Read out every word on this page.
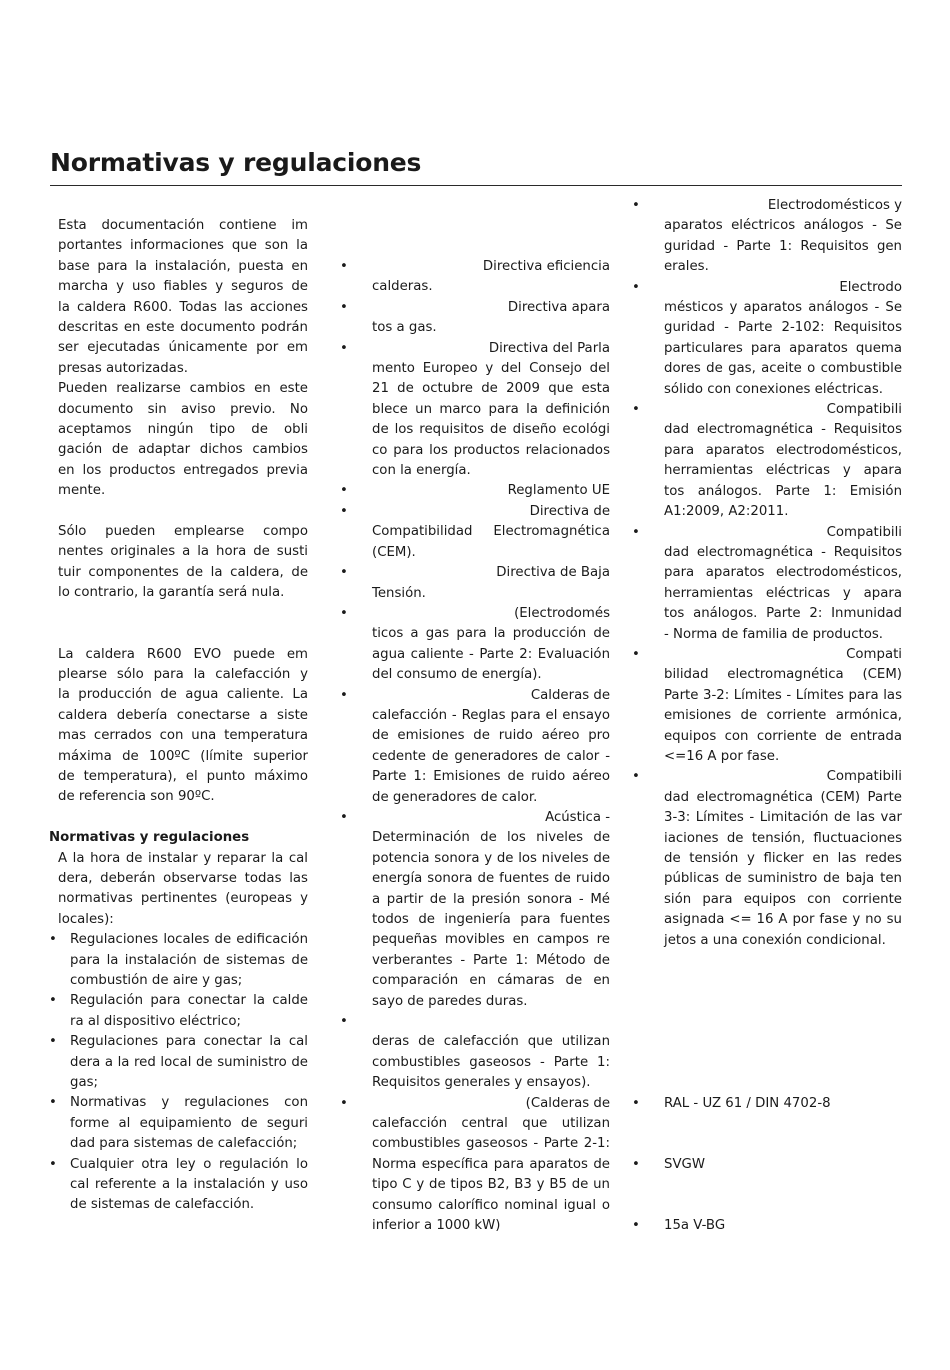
Normativas y regulaciones

Esta documentación contiene im

portantes informaciones que son la

base para la instalación, puesta en

marcha y uso fiables y seguros de

la caldera R600. Todas las acciones

descritas en este documento podrán

ser ejecutadas únicamente por em

presas autorizadas.

Pueden realizarse cambios en este

documento sin aviso previo. No

aceptamos ningún tipo de obli

gación de adaptar dichos cambios

en los productos entregados previa

mente.

Sólo pueden emplearse compo

nentes originales a la hora de susti

tuir componentes de la caldera, de

lo contrario, la garantía será nula.

La caldera R600 EVO puede em

plearse sólo para la calefacción y

la producción de agua caliente. La

caldera debería conectarse a siste

mas cerrados con una temperatura

máxima de 100ºC (límite superior

de temperatura), el punto máximo

de referencia son 90ºC.

Normativas y regulaciones

A la hora de instalar y reparar la cal

dera, deberán observarse todas las

normativas pertinentes (europeas y

locales):

• Regulaciones locales de edificación

para la instalación de sistemas de

combustión de aire y gas;

• Regulación para conectar la calde

ra al dispositivo eléctrico;

• Regulaciones para conectar la cal

dera a la red local de suministro de

gas;

• Normativas y regulaciones con

forme al equipamiento de seguri

dad para sistemas de calefacción;

• Cualquier otra ley o regulación lo

cal referente a la instalación y uso

de sistemas de calefacción.

• Directiva eficiencia

calderas.

• Directiva apara

tos a gas.

• Directiva del Parla

mento Europeo y del Consejo del

21 de octubre de 2009 que esta

blece un marco para la definición

de los requisitos de diseño ecológi

co para los productos relacionados

con la energía.

• Reglamento UE

• Directiva de

Compatibilidad Electromagnética

(CEM).

• Directiva de Baja

Tensión.

• (Electrodomés

ticos a gas para la producción de

agua caliente - Parte 2: Evaluación

del consumo de energía).

• Calderas de

calefacción - Reglas para el ensayo

de emisiones de ruido aéreo pro

cedente de generadores de calor -

Parte 1: Emisiones de ruido aéreo

de generadores de calor.

• Acústica -

Determinación de los niveles de

potencia sonora y de los niveles de

energía sonora de fuentes de ruido

a partir de la presión sonora - Mé

todos de ingeniería para fuentes

pequeñas movibles en campos re

verberantes - Parte 1: Método de

comparación en cámaras de en

sayo de paredes duras.

• deras de calefacción que utilizan

combustibles gaseosos - Parte 1:

Requisitos generales y ensayos).

• (Calderas de

calefacción central que utilizan

combustibles gaseosos - Parte 2-1:

Norma específica para aparatos de

tipo C y de tipos B2, B3 y B5 de un

consumo calorífico nominal igual o

inferior a 1000 kW)

• Electrodomésticos y

aparatos eléctricos análogos - Se

guridad - Parte 1: Requisitos gen

erales.

• Electrodo

mésticos y aparatos análogos - Se

guridad - Parte 2-102: Requisitos

particulares para aparatos quema

dores de gas, aceite o combustible

sólido con conexiones eléctricas.

• Compatibili

dad electromagnética - Requisitos

para aparatos electrodomésticos,

herramientas eléctricas y apara

tos análogos. Parte 1: Emisión

A1:2009, A2:2011.

• Compatibili

dad electromagnética - Requisitos

para aparatos electrodomésticos,

herramientas eléctricas y apara

tos análogos. Parte 2: Inmunidad

- Norma de familia de productos.

• Compati

bilidad electromagnética (CEM)

Parte 3-2: Límites - Límites para las

emisiones de corriente armónica,

equipos con corriente de entrada

<=16 A por fase.

• Compatibili

dad electromagnética (CEM) Parte

3-3: Límites - Limitación de las var

iaciones de tensión, fluctuaciones

de tensión y flicker en las redes

públicas de suministro de baja ten

sión para equipos con corriente

asignada <= 16 A por fase y no su

jetos a una conexión condicional.

• RAL - UZ 61 / DIN 4702-8

• SVGW

• 15a V-BG
